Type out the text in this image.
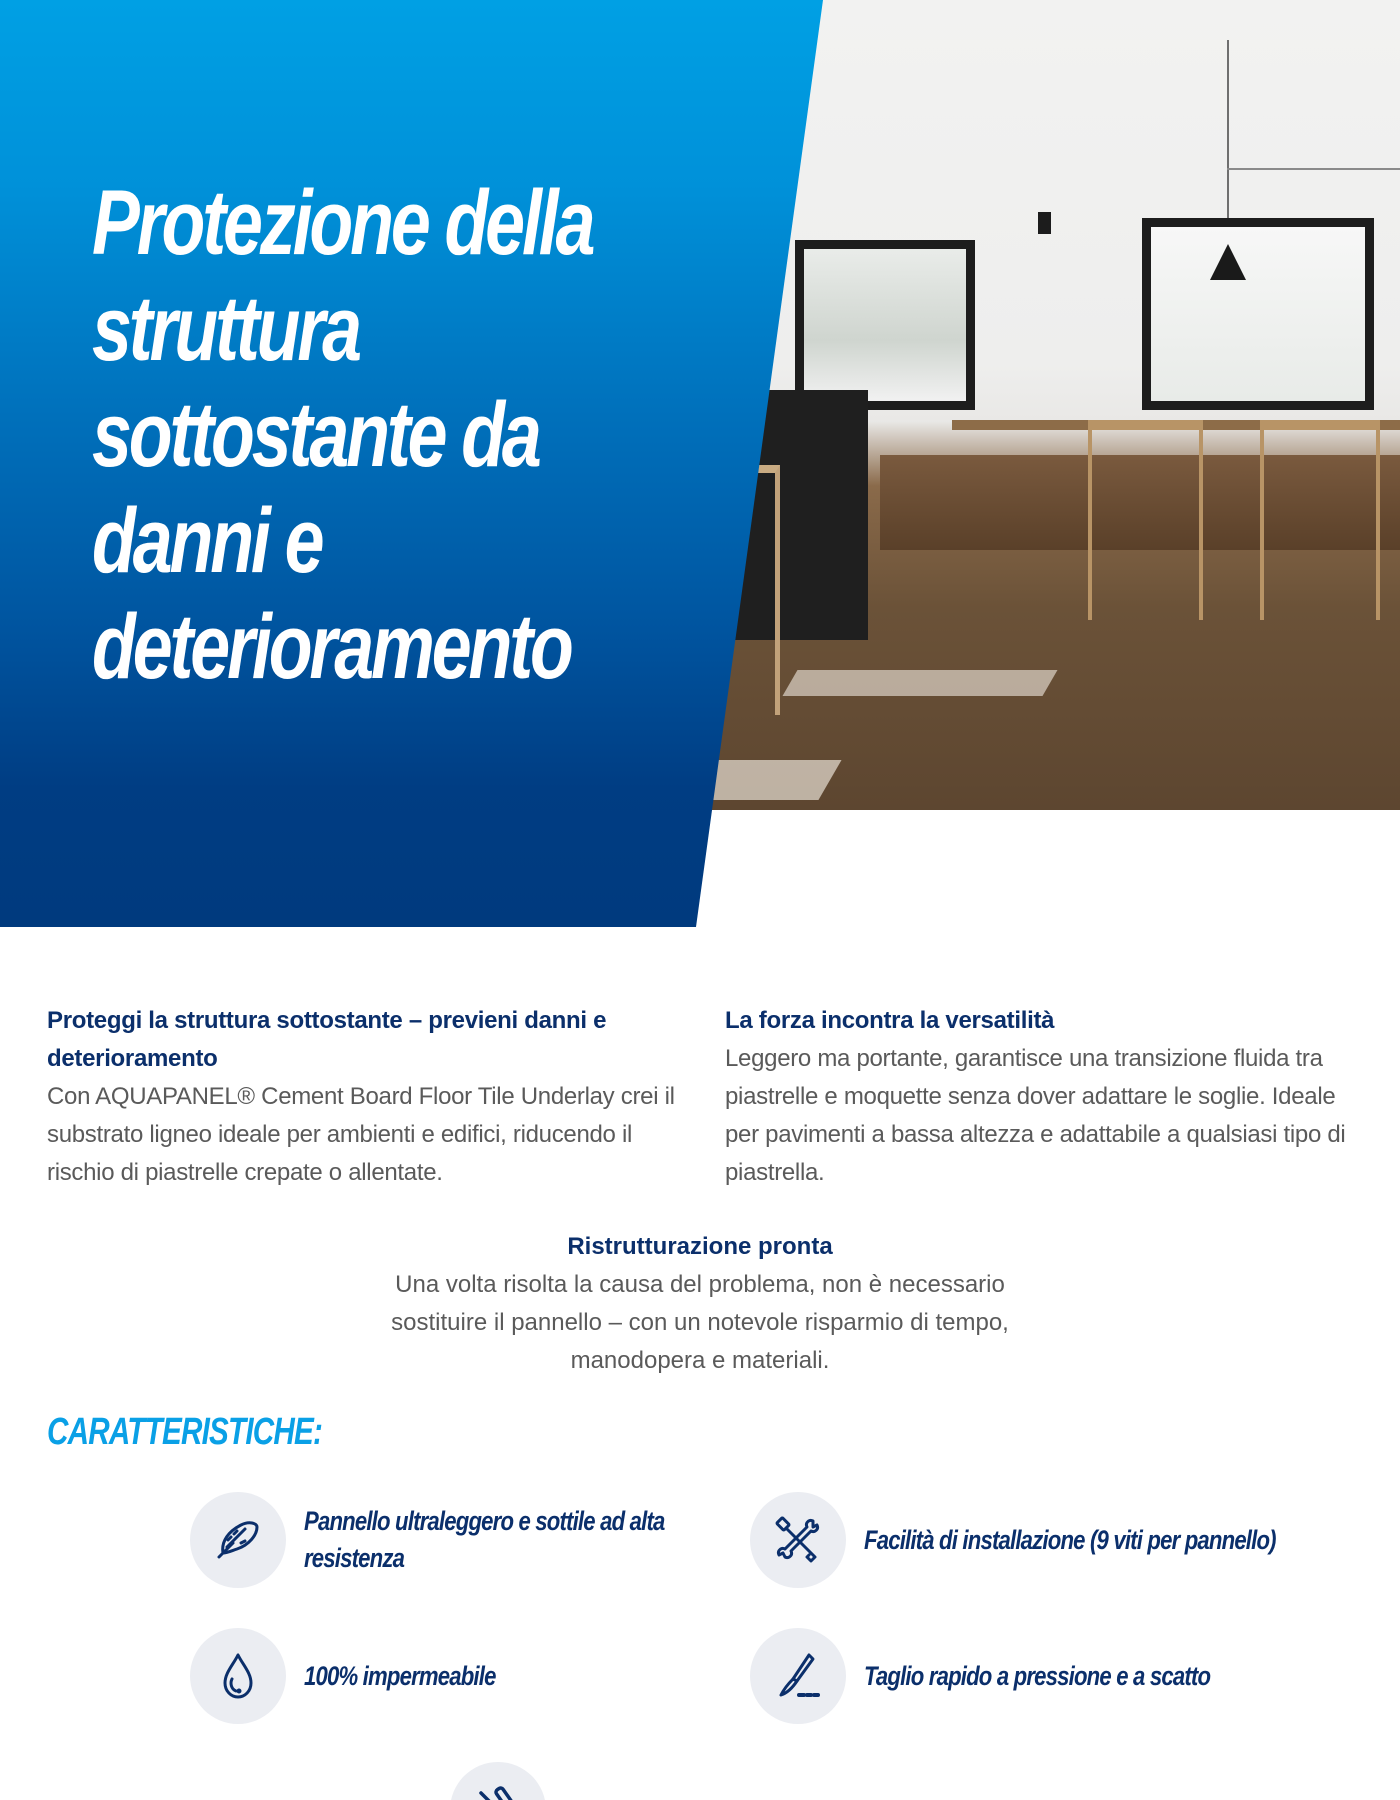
Protezione della
struttura
sottostante da
danni e
deterioramento
Proteggi la struttura sottostante – previeni danni e deterioramento

Con AQUAPANEL® Cement Board Floor Tile Underlay crei il substrato ligneo ideale per ambienti e edifici, riducendo il rischio di piastrelle crepate o allentate.

La forza incontra la versatilità

Leggero ma portante, garantisce una transizione fluida tra piastrelle e moquette senza dover adattare le soglie. Ideale per pavimenti a bassa altezza e adattabile a qualsiasi tipo di piastrella.

Ristrutturazione pronta

Una volta risolta la causa del problema, non è necessario sostituire il pannello – con un notevole risparmio di tempo, manodopera e materiali.

CARATTERISTICHE:
Pannello ultraleggero e sottile ad alta
resistenza
Facilità di installazione (9 viti per pannello)
100% impermeabile	Taglio rapido a pressione e a scatto
